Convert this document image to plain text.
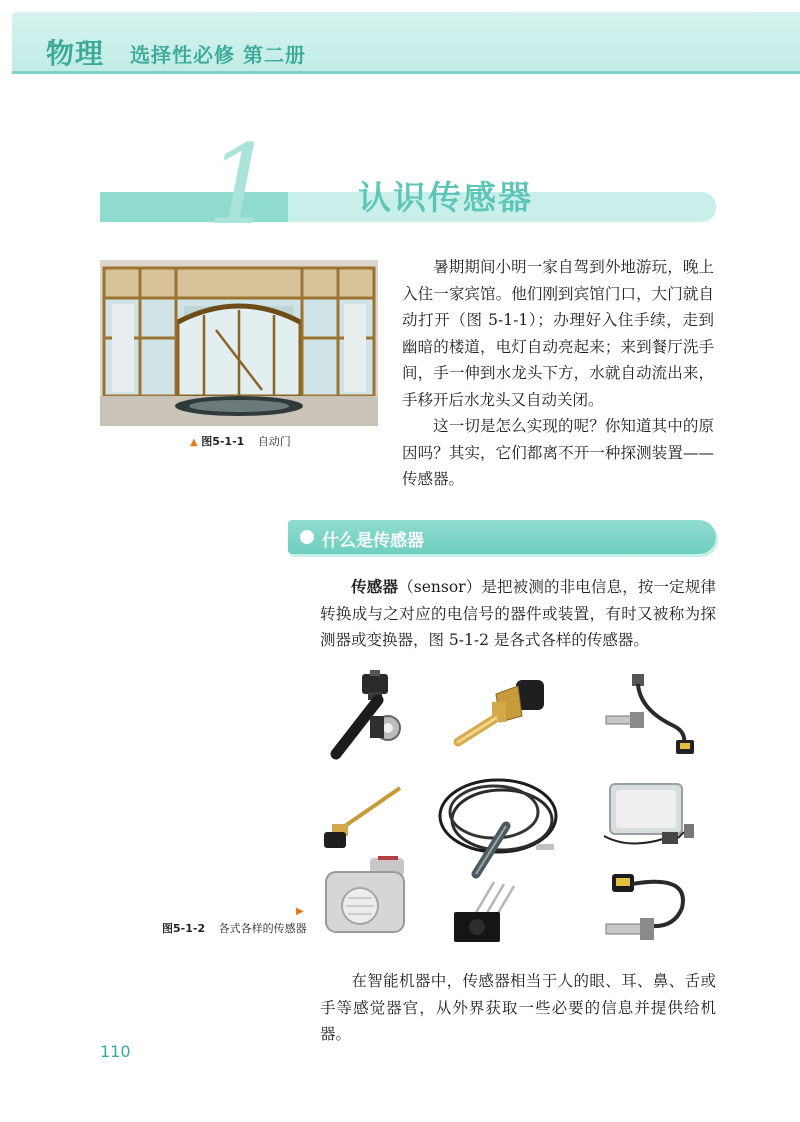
物理 选择性必修 第二册
1 认识传感器
▲ 图5-1-1 自动门
暑期期间小明一家自驾到外地游玩，晚上入住一家宾馆。他们刚到宾馆门口，大门就自动打开（图 5-1-1）；办理好入住手续，走到幽暗的楼道，电灯自动亮起来；来到餐厅洗手间，手一伸到水龙头下方，水就自动流出来，手移开后水龙头又自动关闭。
这一切是怎么实现的呢？你知道其中的原因吗？其实，它们都离不开一种探测装置——传感器。
什么是传感器
传感器（sensor）是把被测的非电信息，按一定规律转换成与之对应的电信号的器件或装置，有时又被称为探测器或变换器，图 5-1-2 是各式各样的传感器。
图5-1-2 各式各样的传感器
▶
在智能机器中，传感器相当于人的眼、耳、鼻、舌或手等感觉器官，从外界获取一些必要的信息并提供给机器。
110
